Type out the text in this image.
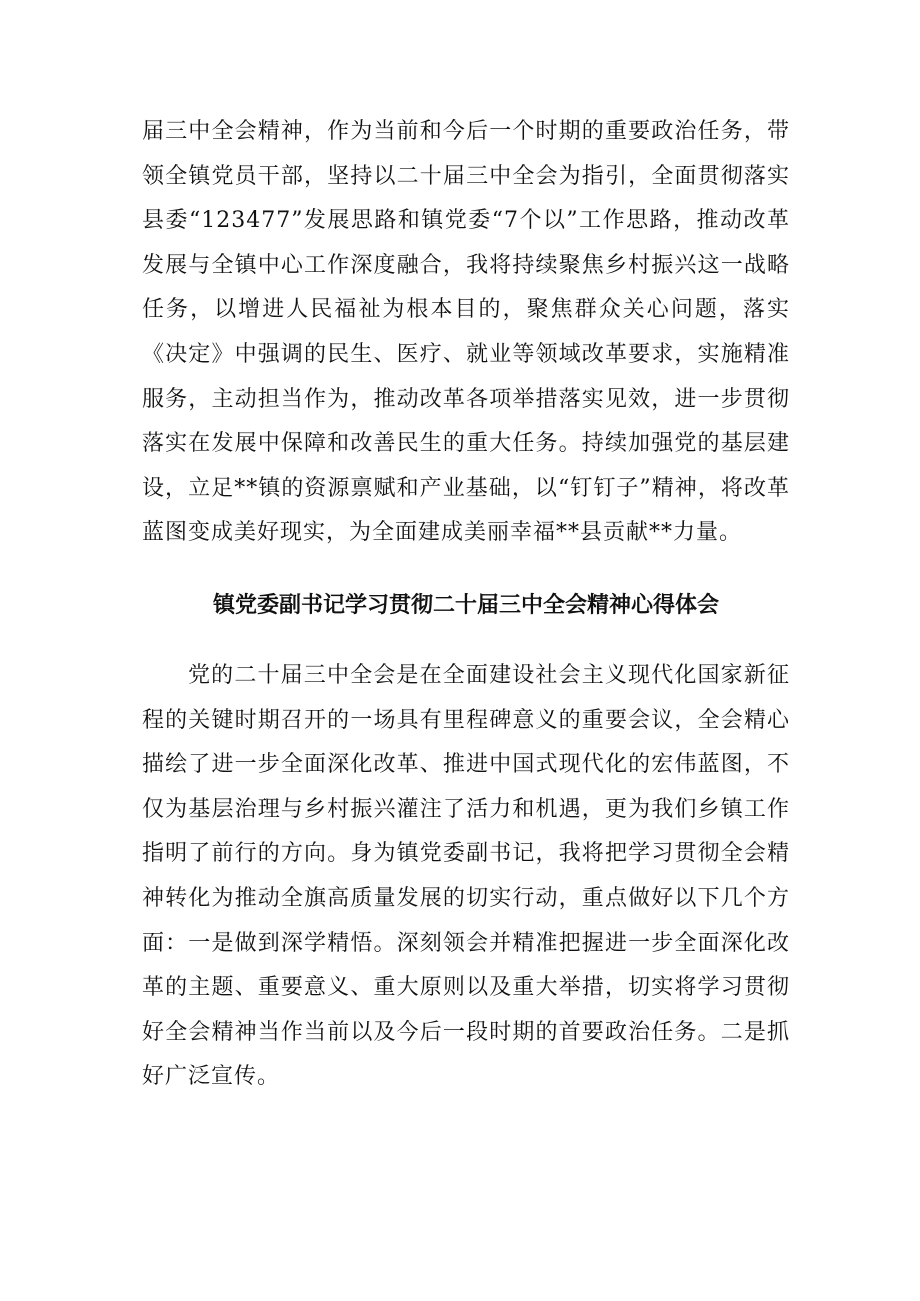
届三中全会精神，作为当前和今后一个时期的重要政治任务，带领全镇党员干部，坚持以二十届三中全会为指引，全面贯彻落实县委“123477”发展思路和镇党委“7个以”工作思路，推动改革发展与全镇中心工作深度融合，我将持续聚焦乡村振兴这一战略任务，以增进人民福祉为根本目的，聚焦群众关心问题，落实《决定》中强调的民生、医疗、就业等领域改革要求，实施精准服务，主动担当作为，推动改革各项举措落实见效，进一步贯彻落实在发展中保障和改善民生的重大任务。持续加强党的基层建设，立足**镇的资源禀赋和产业基础，以“钉钉子”精神，将改革蓝图变成美好现实，为全面建成美丽幸福**县贡献**力量。

镇党委副书记学习贯彻二十届三中全会精神心得体会

党的二十届三中全会是在全面建设社会主义现代化国家新征程的关键时期召开的一场具有里程碑意义的重要会议，全会精心描绘了进一步全面深化改革、推进中国式现代化的宏伟蓝图，不仅为基层治理与乡村振兴灌注了活力和机遇，更为我们乡镇工作指明了前行的方向。身为镇党委副书记，我将把学习贯彻全会精神转化为推动全旗高质量发展的切实行动，重点做好以下几个方面：一是做到深学精悟。深刻领会并精准把握进一步全面深化改革的主题、重要意义、重大原则以及重大举措，切实将学习贯彻好全会精神当作当前以及今后一段时期的首要政治任务。二是抓好广泛宣传。
